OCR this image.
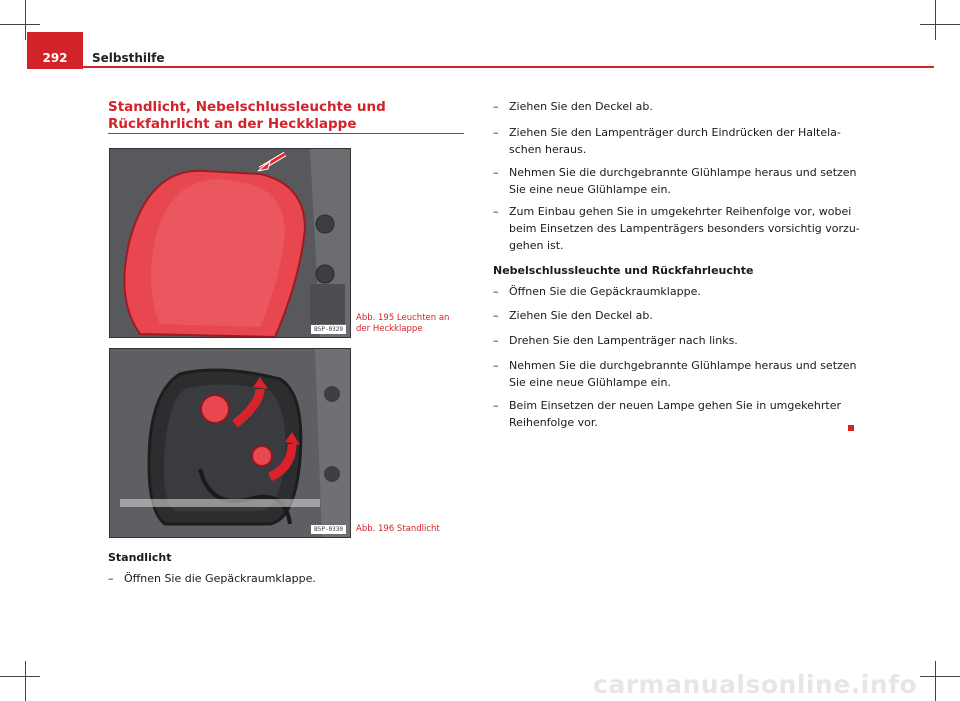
292	Selbsthilfe
Standlicht, Nebelschlussleuchte und Rückfahrlicht an der Heckklappe
B5P-0329
Abb. 195 Leuchten an der Heckklappe
B5P-0330	Abb. 196 Standlicht
Standlicht
– Öffnen Sie die Gepäckraumklappe.
– Ziehen Sie den Deckel ab.
– Ziehen Sie den Lampenträger durch Eindrücken der Haltela- schen heraus.
– Nehmen Sie die durchgebrannte Glühlampe heraus und setzen Sie eine neue Glühlampe ein.
– Zum Einbau gehen Sie in umgekehrter Reihenfolge vor, wobei beim Einsetzen des Lampenträgers besonders vorsichtig vorzu- gehen ist.
Nebelschlussleuchte und Rückfahrleuchte
– Öffnen Sie die Gepäckraumklappe.
– Ziehen Sie den Deckel ab.
– Drehen Sie den Lampenträger nach links.
– Nehmen Sie die durchgebrannte Glühlampe heraus und setzen Sie eine neue Glühlampe ein.
– Beim Einsetzen der neuen Lampe gehen Sie in umgekehrter Reihenfolge vor.
carmanualsonline.info
